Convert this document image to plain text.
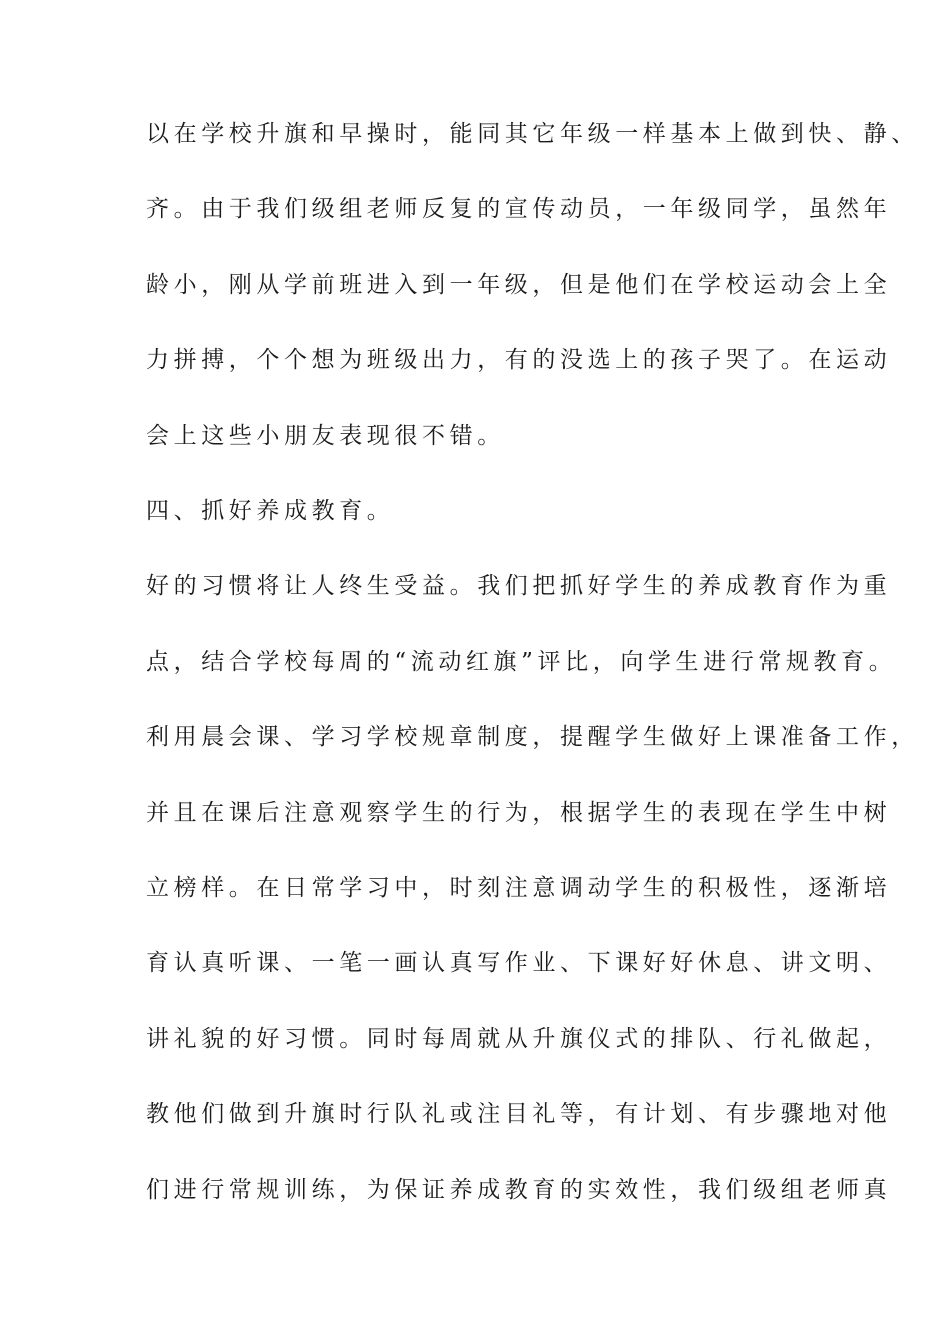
以在学校升旗和早操时，能同其它年级一样基本上做到快、静、

齐。由于我们级组老师反复的宣传动员，一年级同学，虽然年

龄小，刚从学前班进入到一年级，但是他们在学校运动会上全

力拼搏，个个想为班级出力，有的没选上的孩子哭了。在运动

会上这些小朋友表现很不错。

四、抓好养成教育。

好的习惯将让人终生受益。我们把抓好学生的养成教育作为重

点，结合学校每周的“流动红旗”评比，向学生进行常规教育。

利用晨会课、学习学校规章制度，提醒学生做好上课准备工作，

并且在课后注意观察学生的行为，根据学生的表现在学生中树

立榜样。在日常学习中，时刻注意调动学生的积极性，逐渐培

育认真听课、一笔一画认真写作业、下课好好休息、讲文明、

讲礼貌的好习惯。同时每周就从升旗仪式的排队、行礼做起，

教他们做到升旗时行队礼或注目礼等，有计划、有步骤地对他

们进行常规训练，为保证养成教育的实效性，我们级组老师真
